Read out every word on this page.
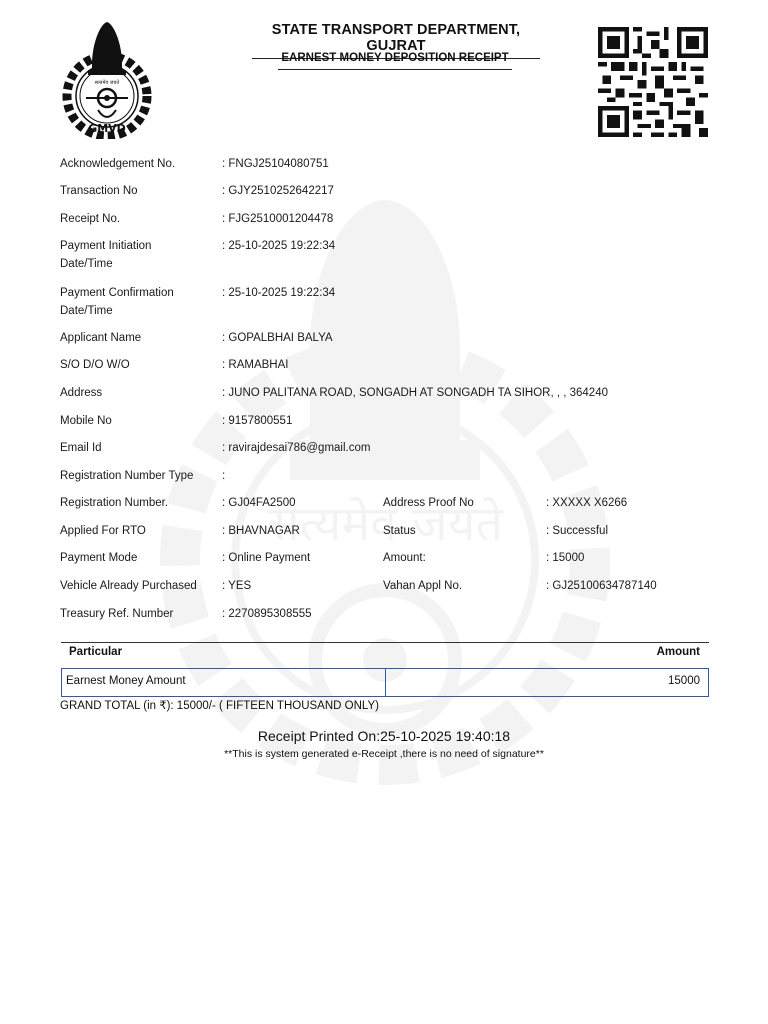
सत्यमेव जयते
GMVD
STATE TRANSPORT DEPARTMENT, GUJRAT
EARNEST MONEY DEPOSITION RECEIPT
Acknowledgement No.	: FNGJ25104080751
Transaction No	: GJY2510252642217
Receipt No.	: FJG2510001204478
Payment Initiation Date/Time
: 25-10-2025 19:22:34
Payment Confirmation Date/Time
: 25-10-2025 19:22:34
Applicant Name	: GOPALBHAI BALYA
S/O D/O W/O	: RAMABHAI
Address	: JUNO PALITANA ROAD, SONGADH AT SONGADH TA SIHOR, , , 364240
Mobile No	: 9157800551
Email Id	: ravirajdesai786@gmail.com
Registration Number Type	:
Registration Number.	: GJ04FA2500	Address Proof No	: XXXXX X6266
Applied For RTO	: BHAVNAGAR	Status	: Successful
Payment Mode	: Online Payment	Amount:	: 15000
Vehicle Already Purchased	: YES	Vahan Appl No.	: GJ25100634787140
Treasury Ref. Number	: 2270895308555
Particular	Amount
Earnest Money Amount	15000
GRAND TOTAL (in ₹): 15000/- ( FIFTEEN THOUSAND ONLY)
Receipt Printed On:25-10-2025 19:40:18
**This is system generated e-Receipt ,there is no need of signature**
